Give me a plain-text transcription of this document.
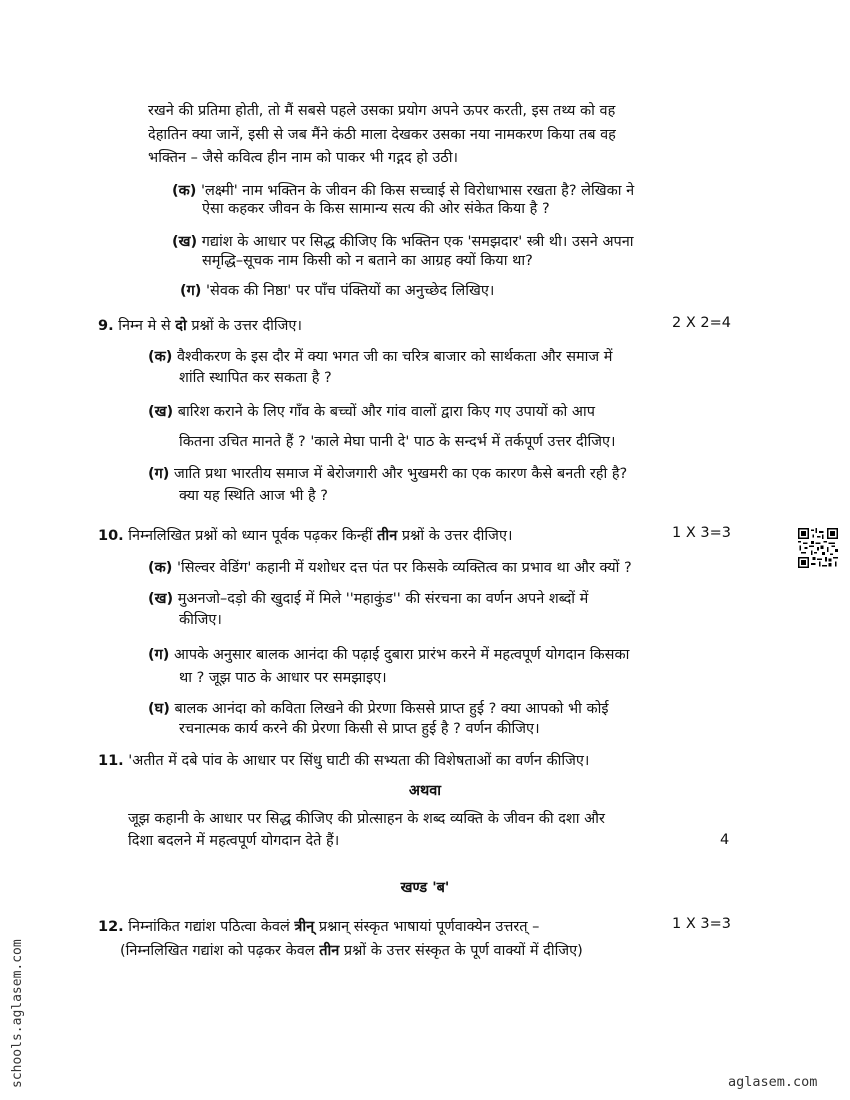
रखने की प्रतिमा होती, तो मैं सबसे पहले उसका प्रयोग अपने ऊपर करती, इस तथ्य को वह
देहातिन क्या जानें, इसी से जब मैंने कंठी माला देखकर उसका नया नामकरण किया तब वह
भक्तिन – जैसे कवित्व हीन नाम को पाकर भी गद्गद हो उठी।
(क) 'लक्ष्मी' नाम भक्तिन के जीवन की किस सच्चाई से विरोधाभास रखता है? लेखिका ने
ऐसा कहकर जीवन के किस सामान्य सत्य की ओर संकेत किया है ?
(ख) गद्यांश के आधार पर सिद्ध कीजिए कि भक्तिन एक 'समझदार' स्त्री थी। उसने अपना
समृद्धि–सूचक नाम किसी को न बताने का आग्रह क्यों किया था?
(ग) 'सेवक की निष्ठा' पर पाँच पंक्तियों का अनुच्छेद लिखिए।
9. निम्न मे से दो प्रश्नों के उत्तर दीजिए।	2 X 2=4
(क) वैश्वीकरण के इस दौर में क्या भगत जी का चरित्र बाजार को सार्थकता और समाज में
शांति स्थापित कर सकता है ?
(ख) बारिश कराने के लिए गाँव के बच्चों और गांव वालों द्वारा किए गए उपायों को आप
कितना उचित मानते हैं ? 'काले मेघा पानी दे' पाठ के सन्दर्भ में तर्कपूर्ण उत्तर दीजिए।
(ग) जाति प्रथा भारतीय समाज में बेरोजगारी और भुखमरी का एक कारण कैसे बनती रही है?
क्या यह स्थिति आज भी है ?
10. निम्नलिखित प्रश्नों को ध्यान पूर्वक पढ़कर किन्हीं तीन प्रश्नों के उत्तर दीजिए।	1 X 3=3
(क) 'सिल्वर वेडिंग' कहानी में यशोधर दत्त पंत पर किसके व्यक्तित्व का प्रभाव था और क्यों ?
(ख) मुअनजो–दड़ो की खुदाई में मिले ''महाकुंड'' की संरचना का वर्णन अपने शब्दों में
कीजिए।
(ग) आपके अनुसार बालक आनंदा की पढ़ाई दुबारा प्रारंभ करने में महत्वपूर्ण योगदान किसका
था ? जूझ पाठ के आधार पर समझाइए।
(घ) बालक आनंदा को कविता लिखने की प्रेरणा किससे प्राप्त हुई ? क्या आपको भी कोई
रचनात्मक कार्य करने की प्रेरणा किसी से प्राप्त हुई है ? वर्णन कीजिए।
11. 'अतीत में दबे पांव के आधार पर सिंधु घाटी की सभ्यता की विशेषताओं का वर्णन कीजिए।
अथवा
जूझ कहानी के आधार पर सिद्ध कीजिए की प्रोत्साहन के शब्द व्यक्ति के जीवन की दशा और
दिशा बदलने में महत्वपूर्ण योगदान देते हैं।	4
खण्ड 'ब'
12. निम्नांकित गद्यांश पठित्वा केवलं त्रीन् प्रश्नान् संस्कृत भाषायां पूर्णवाक्येन उत्तरत् –	1 X 3=3
(निम्नलिखित गद्यांश को पढ़कर केवल तीन प्रश्नों के उत्तर संस्कृत के पूर्ण वाक्यों में दीजिए)
schools.aglasem.com	aglasem.com
